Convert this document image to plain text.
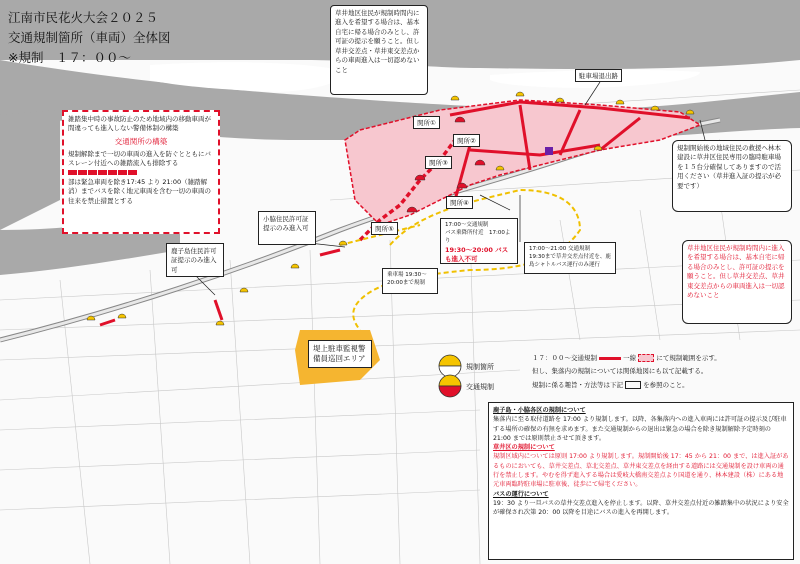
江南市民花火大会２０２５
交通規制箇所（車両）全体図
※規制　１７：００～
雑踏集中時の事故防止のため地域内の移動車両が間違っても進入しない警備体制の構築
交通関所の構築
規制解除まで一切の車両の進入を防ぐとともにバスレーン付近への雑踏流入も排除する
部は緊急車両を除き17:45 より 21:00（雑踏解消）までバスを除く地元車両を含む一切の車両の往来を禁止措置とする
草井地区住民が規制時間内に進入を希望する場合は、基本自宅に帰る場合のみとし、許可証の提示を願うこと。但し草井交差点・草井東交差点からの車両進入は一切認めないこと
駐車場退出路
規制開始後の地域住民の救援へ林本建設に草井区住民専用の臨時駐車場を１５台分確保してありますので活用ください（草井進入証の提示が必要です）
草井地区住民が規制時間内に進入を希望する場合は、基本自宅に帰る場合のみとし、許可証の提示を願うこと。但し草井交差点、草井東交差点からの車両進入は一切認めないこと
小脇住民許可証提示のみ進入可
鹿子島住民許可証提示のみ進入可
関所①
関所②
関所③
関所④
関所⑤	17:00～交通規制
バス乗降所付近　17:00より
19:30～20:00 バスも進入不可
17:00～21:00 交通規制　19:30まで草井交差点付近を、鹿島シャトルバス運行のみ運行
乗車場 19:30～
20:00まで規制
堤上駐車監視警備員巡回エリア
規制箇所
交通規制
１７：００～交通規制	一線	にて規制範囲を示す。
但し、集落内の規制については関係地図にも以て記載する。
規制に係る趣旨・方法等は下記	を参照のこと。
鹿子島・小脇各区の規制について
集落内に至る取付道路を 17:00 より規制します。以降、各集落内への進入車両には許可証の提示及び駐車する場所の確保の有無を求めます。また交通規制からの退出は緊急の場合を除き規制解除予定時刻の 21:00 までは原則禁止させて頂きます。
草井区の規制について
規制区域内については原則 17:00 より規制します。規制開始後 17：45 から 21：00 まで、は進入証があるものにおいても、草井交差点、草北交差点、草井東交差点を経由する道路には交通規制を設け車両の通行を禁止します。やむを得ず進入する場合は愛岐大橋南交差点より国道を通り、林本建設（株）にある地元車両臨時駐車場に駐車後、徒歩にて帰宅ください。
バスの運行について
19：30 より一旦バスの草井交差点進入を停止します。以降、草井交差点付近の雑踏集中の状況により安全が確保され次第 20：00 以降を目途にバスの進入を再開します。
